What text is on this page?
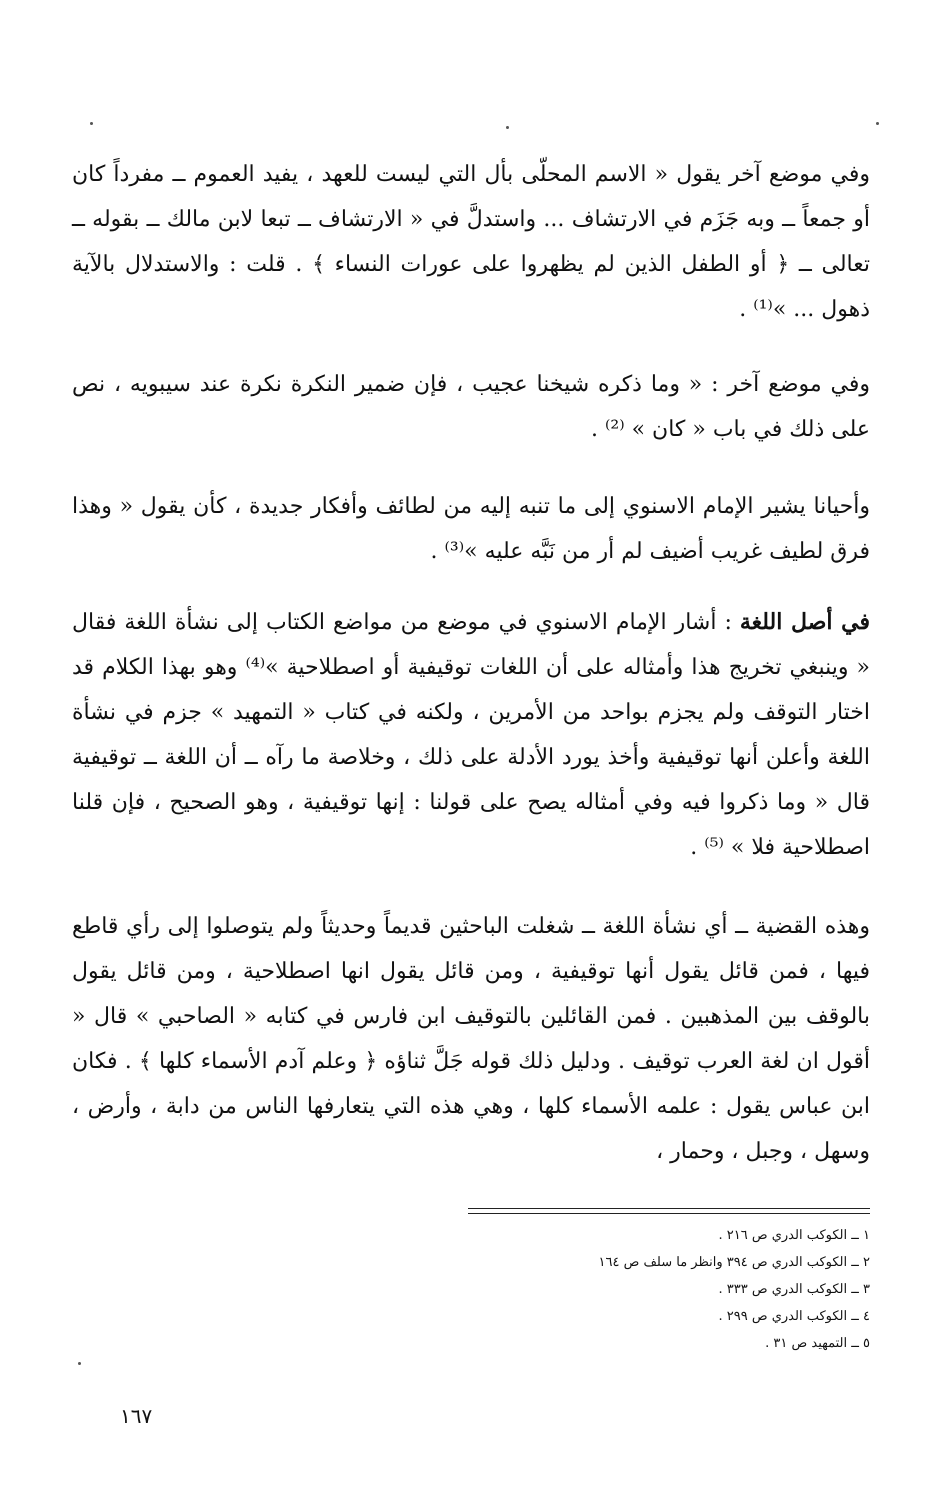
وفي موضع آخر يقول « الاسم المحلّى بأل التي ليست للعهد ، يفيد العموم ــ مفرداً كان أو جمعاً ــ وبه جَزَم في الارتشاف ... واستدلَّ في « الارتشاف ــ تبعا لابن مالك ــ بقوله ــ تعالى ــ ﴿ أو الطفل الذين لم يظهروا على عورات النساء ﴾ . قلت : والاستدلال بالآية ذهول ... »⁽¹⁾ .

وفي موضع آخر : « وما ذكره شيخنا عجيب ، فإن ضمير النكرة نكرة عند سيبويه ، نص على ذلك في باب « كان » ⁽²⁾ .

وأحيانا يشير الإمام الاسنوي إلى ما تنبه إليه من لطائف وأفكار جديدة ، كأن يقول « وهذا فرق لطيف غريب أضيف لم أر من نَبَّه عليه »⁽³⁾ .

في أصل اللغة : أشار الإمام الاسنوي في موضع من مواضع الكتاب إلى نشأة اللغة فقال « وينبغي تخريج هذا وأمثاله على أن اللغات توقيفية أو اصطلاحية »⁽⁴⁾ وهو بهذا الكلام قد اختار التوقف ولم يجزم بواحد من الأمرين ، ولكنه في كتاب « التمهيد » جزم في نشأة اللغة وأعلن أنها توقيفية وأخذ يورد الأدلة على ذلك ، وخلاصة ما رآه ــ أن اللغة ــ توقيفية قال « وما ذكروا فيه وفي أمثاله يصح على قولنا : إنها توقيفية ، وهو الصحيح ، فإن قلنا اصطلاحية فلا » ⁽⁵⁾ .

وهذه القضية ــ أي نشأة اللغة ــ شغلت الباحثين قديماً وحديثاً ولم يتوصلوا إلى رأي قاطع فيها ، فمن قائل يقول أنها توقيفية ، ومن قائل يقول انها اصطلاحية ، ومن قائل يقول بالوقف بين المذهبين . فمن القائلين بالتوقيف ابن فارس في كتابه « الصاحبي » قال « أقول ان لغة العرب توقيف . ودليل ذلك قوله جَلَّ ثناؤه ﴿ وعلم آدم الأسماء كلها ﴾ . فكان ابن عباس يقول : علمه الأسماء كلها ، وهي هذه التي يتعارفها الناس من دابة ، وأرض ، وسهل ، وجبل ، وحمار ،

١ ــ الكوكب الدري ص ٢١٦ .
٢ ــ الكوكب الدري ص ٣٩٤ وانظر ما سلف ص ١٦٤
٣ ــ الكوكب الدري ص ٣٣٣ .
٤ ــ الكوكب الدري ص ٢٩٩ .
٥ ــ التمهيد ص ٣١ .
١٦٧
